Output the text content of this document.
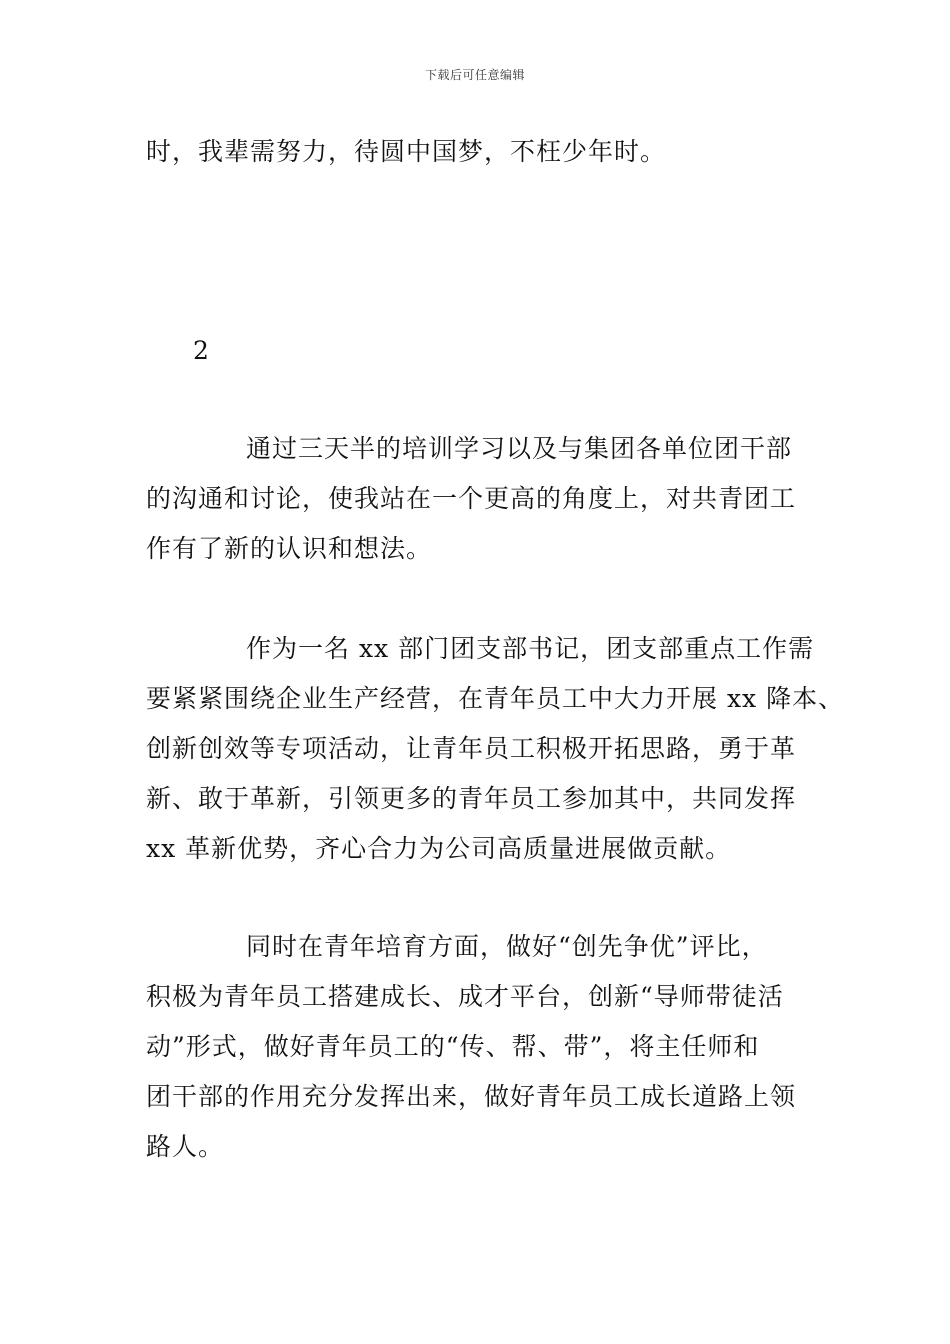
下载后可任意编辑
时，我辈需努力，待圆中国梦，不枉少年时。
2
通过三天半的培训学习以及与集团各单位团干部
的沟通和讨论，使我站在一个更高的角度上，对共青团工
作有了新的认识和想法。
作为一名 xx 部门团支部书记，团支部重点工作需
要紧紧围绕企业生产经营，在青年员工中大力开展 xx 降本、
创新创效等专项活动，让青年员工积极开拓思路，勇于革
新、敢于革新，引领更多的青年员工参加其中，共同发挥
xx 革新优势，齐心合力为公司高质量进展做贡献。
同时在青年培育方面，做好“创先争优”评比，
积极为青年员工搭建成长、成才平台，创新“导师带徒活
动”形式，做好青年员工的“传、帮、带”，将主任师和
团干部的作用充分发挥出来，做好青年员工成长道路上领
路人。
